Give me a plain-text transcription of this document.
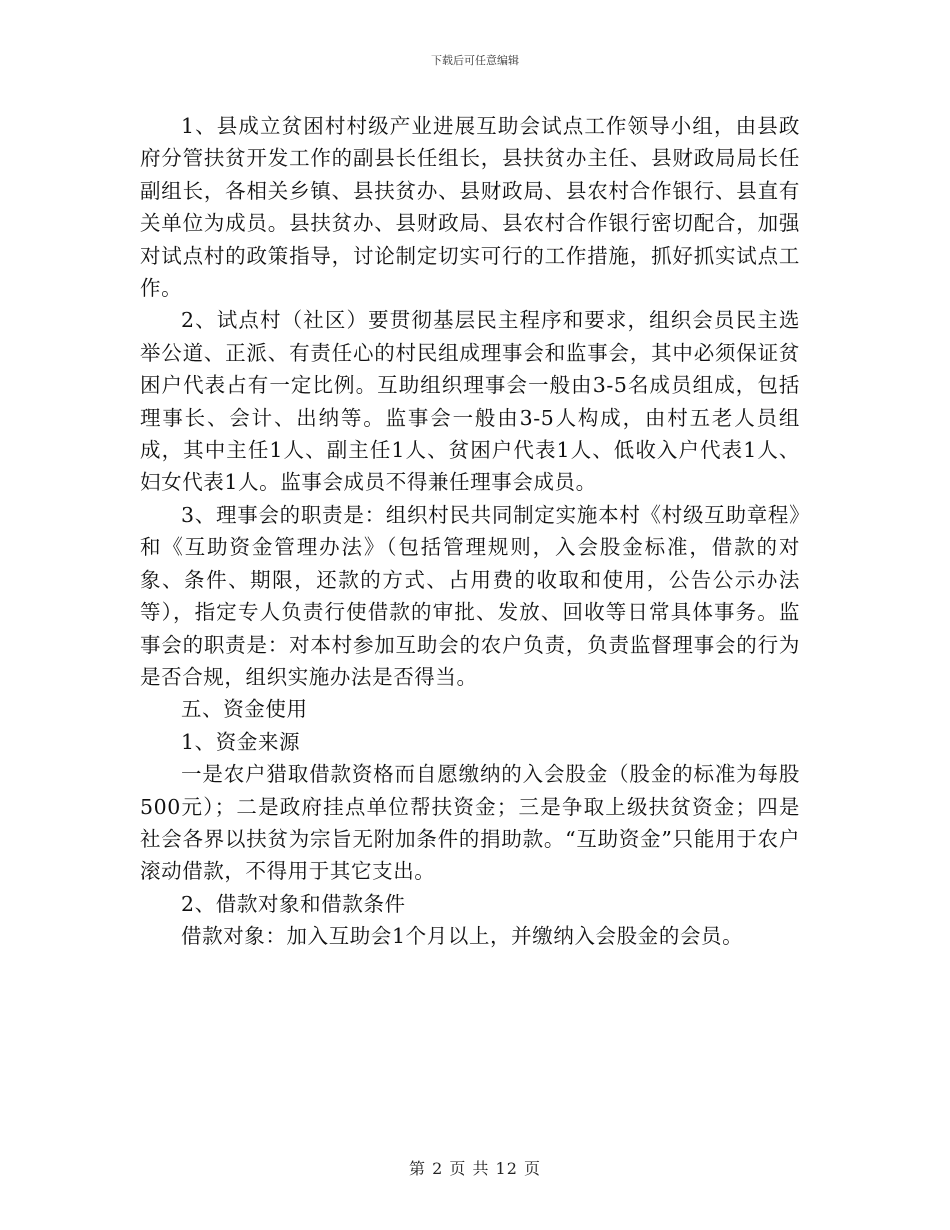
下载后可任意编辑

1、县成立贫困村村级产业进展互助会试点工作领导小组，由县政府分管扶贫开发工作的副县长任组长，县扶贫办主任、县财政局局长任副组长，各相关乡镇、县扶贫办、县财政局、县农村合作银行、县直有关单位为成员。县扶贫办、县财政局、县农村合作银行密切配合，加强对试点村的政策指导，讨论制定切实可行的工作措施，抓好抓实试点工作。

2、试点村（社区）要贯彻基层民主程序和要求，组织会员民主选举公道、正派、有责任心的村民组成理事会和监事会，其中必须保证贫困户代表占有一定比例。互助组织理事会一般由3-5名成员组成，包括理事长、会计、出纳等。监事会一般由3-5人构成，由村五老人员组成，其中主任1人、副主任1人、贫困户代表1人、低收入户代表1人、妇女代表1人。监事会成员不得兼任理事会成员。

3、理事会的职责是：组织村民共同制定实施本村《村级互助章程》和《互助资金管理办法》（包括管理规则，入会股金标准，借款的对象、条件、期限，还款的方式、占用费的收取和使用，公告公示办法等），指定专人负责行使借款的审批、发放、回收等日常具体事务。监事会的职责是：对本村参加互助会的农户负责，负责监督理事会的行为是否合规，组织实施办法是否得当。

五、资金使用

1、资金来源

一是农户猎取借款资格而自愿缴纳的入会股金（股金的标准为每股500元）；二是政府挂点单位帮扶资金；三是争取上级扶贫资金；四是社会各界以扶贫为宗旨无附加条件的捐助款。“互助资金”只能用于农户滚动借款，不得用于其它支出。

2、借款对象和借款条件

借款对象：加入互助会1个月以上，并缴纳入会股金的会员。

第 2 页 共 12 页
